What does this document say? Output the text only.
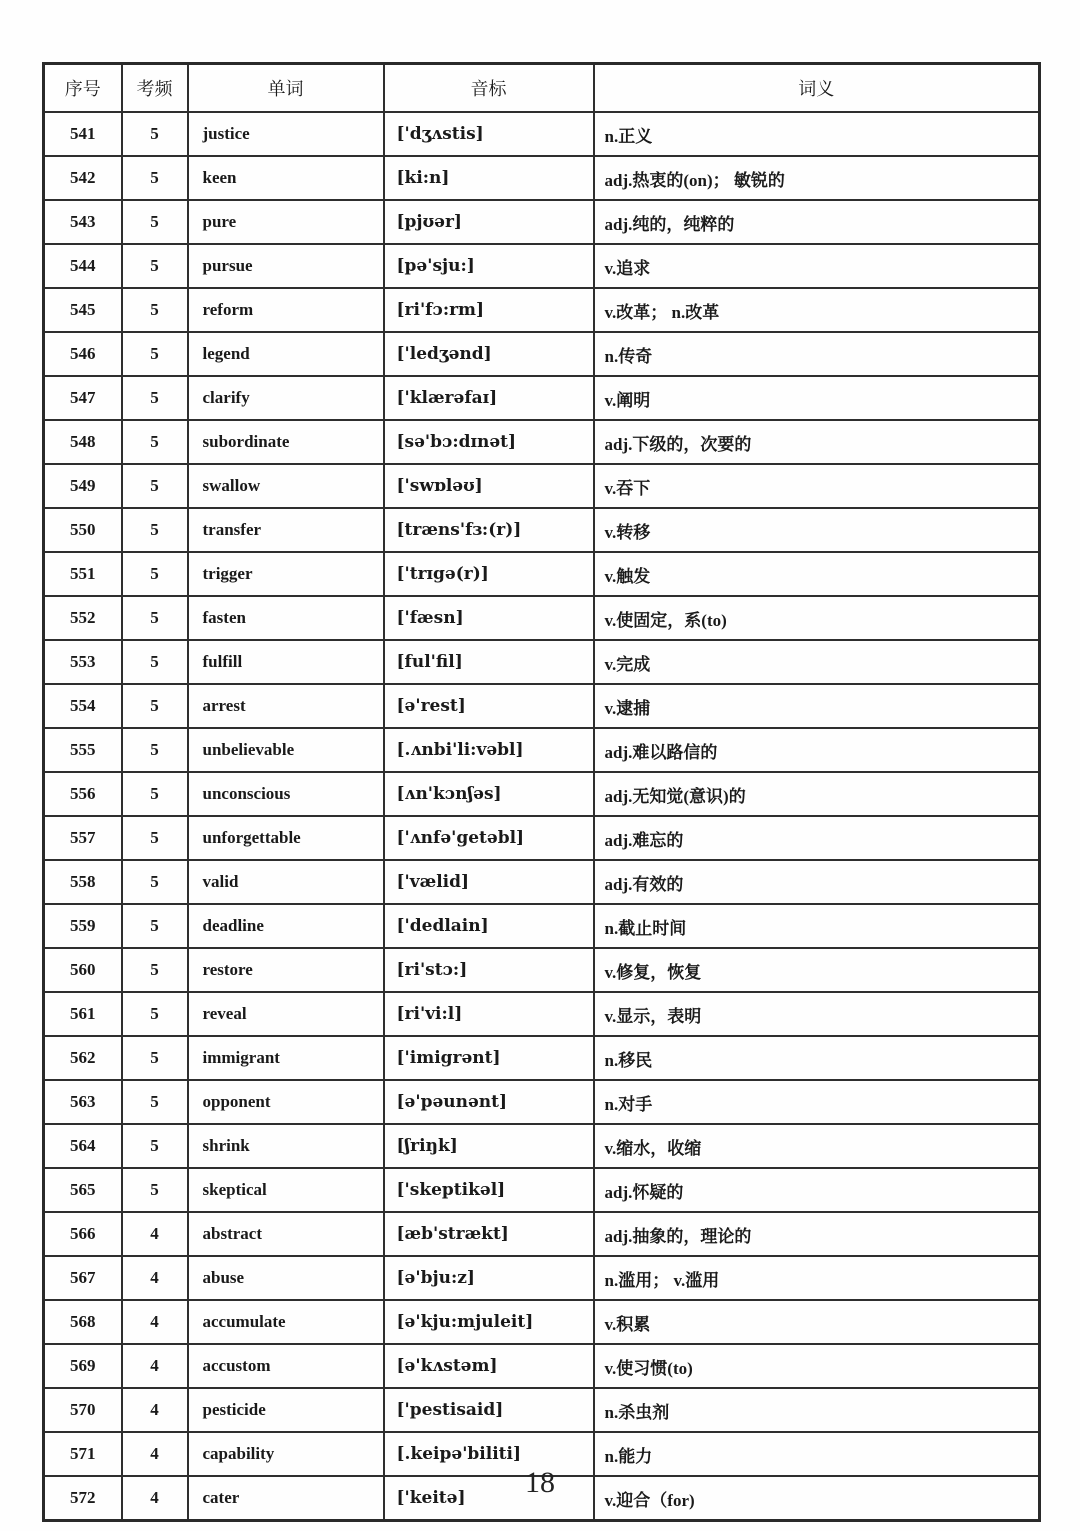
序号	考频	单词	音标	词义
541	5	justice	['dʒʌstis]	n.正义
542	5	keen	[ki:n]	adj.热衷的(on)； 敏锐的
543	5	pure	[pjʊər]	adj.纯的，纯粹的
544	5	pursue	[pə'sju:]	v.追求
545	5	reform	[ri'fɔ:rm]	v.改革； n.改革
546	5	legend	['ledʒənd]	n.传奇
547	5	clarify	['klærəfaɪ]	v.阐明
548	5	subordinate	[sə'bɔ:dɪnət]	adj.下级的，次要的
549	5	swallow	['swɒləʊ]	v.吞下
550	5	transfer	[træns'fɜ:(r)]	v.转移
551	5	trigger	['trɪgə(r)]	v.触发
552	5	fasten	['fæsn]	v.使固定，系(to)
553	5	fulfill	[ful'fil]	v.完成
554	5	arrest	[ə'rest]	v.逮捕
555	5	unbelievable	[.ʌnbi'li:vəbl]	adj.难以路信的
556	5	unconscious	[ʌn'kɔnʃəs]	adj.无知觉(意识)的
557	5	unforgettable	['ʌnfə'getəbl]	adj.难忘的
558	5	valid	['vælid]	adj.有效的
559	5	deadline	['dedlain]	n.截止时间
560	5	restore	[ri'stɔ:]	v.修复，恢复
561	5	reveal	[ri'vi:l]	v.显示，表明
562	5	immigrant	['imigrənt]	n.移民
563	5	opponent	[ə'pəunənt]	n.对手
564	5	shrink	[ʃriŋk]	v.缩水，收缩
565	5	skeptical	['skeptikəl]	adj.怀疑的
566	4	abstract	[æb'strækt]	adj.抽象的，理论的
567	4	abuse	[ə'bju:z]	n.滥用； v.滥用
568	4	accumulate	[ə'kju:mjuleit]	v.积累
569	4	accustom	[ə'kʌstəm]	v.使习惯(to)
570	4	pesticide	['pestisaid]	n.杀虫剂
571	4	capability	[.keipə'biliti]	n.能力
572	4	cater	['keitə]	v.迎合（for)
18
